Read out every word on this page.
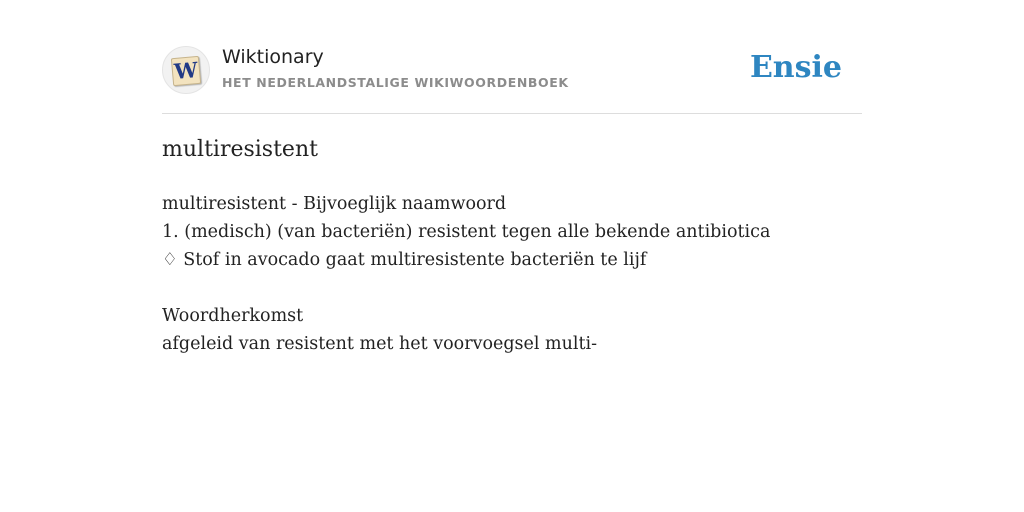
W
Wiktionary
HET NEDERLANDSTALIGE WIKIWOORDENBOEK	Ensie
multiresistent
multiresistent - Bijvoeglijk naamwoord
1. (medisch) (van bacteriën) resistent tegen alle bekende antibiotica
♢ Stof in avocado gaat multiresistente bacteriën te lijf
Woordherkomst
afgeleid van resistent met het voorvoegsel multi-
